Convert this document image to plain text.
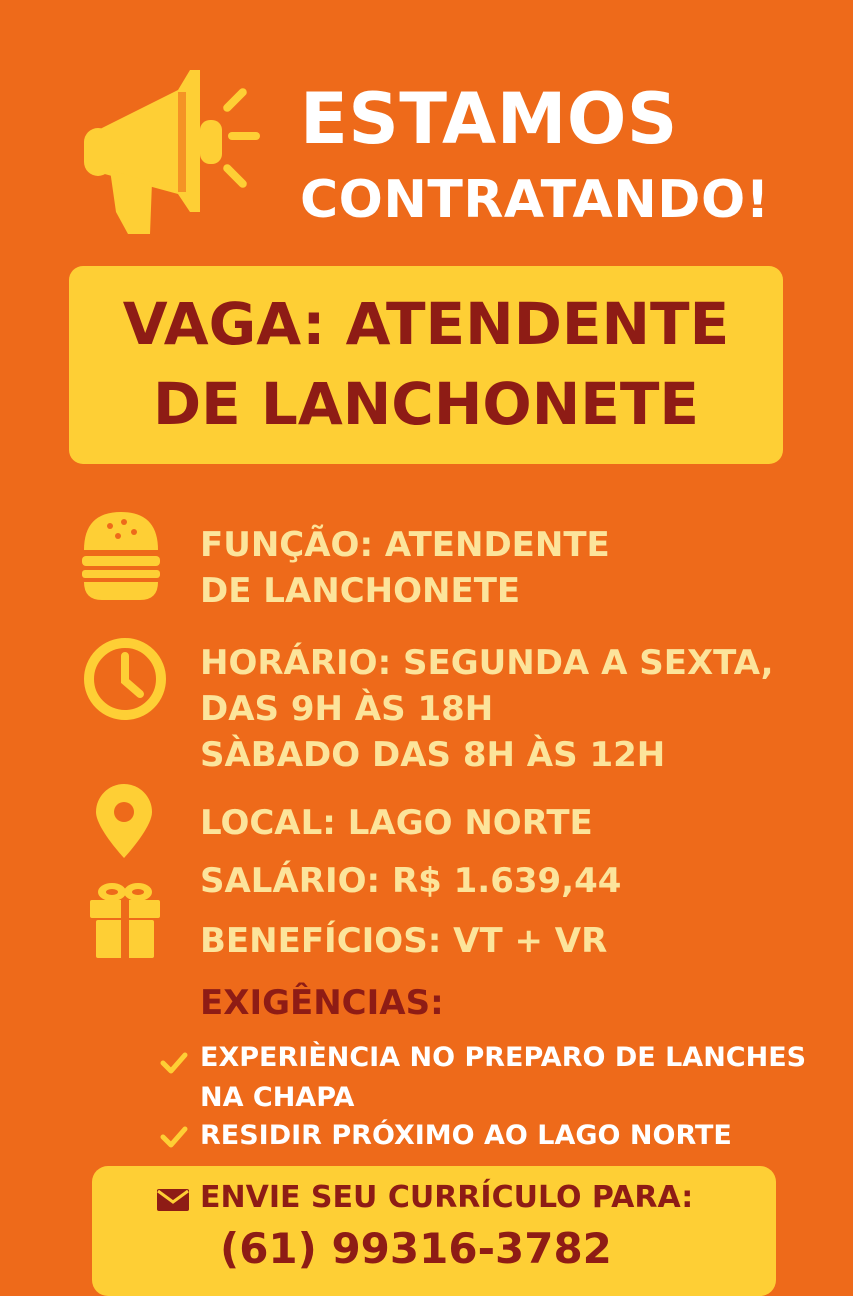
ESTAMOS
CONTRATANDO!
VAGA: ATENDENTE
DE LANCHONETE
FUNÇÃO: ATENDENTE
DE LANCHONETE
HORÁRIO: SEGUNDA A SEXTA,
DAS 9H ÀS 18H
SÀBADO DAS 8H ÀS 12H
LOCAL: LAGO NORTE
SALÁRIO: R$ 1.639,44
BENEFÍCIOS: VT + VR
EXIGÊNCIAS:
EXPERIÈNCIA NO PREPARO DE LANCHES
NA CHAPA
RESIDIR PRÓXIMO AO LAGO NORTE
ENVIE SEU CURRÍCULO PARA:
(61) 99316-3782
